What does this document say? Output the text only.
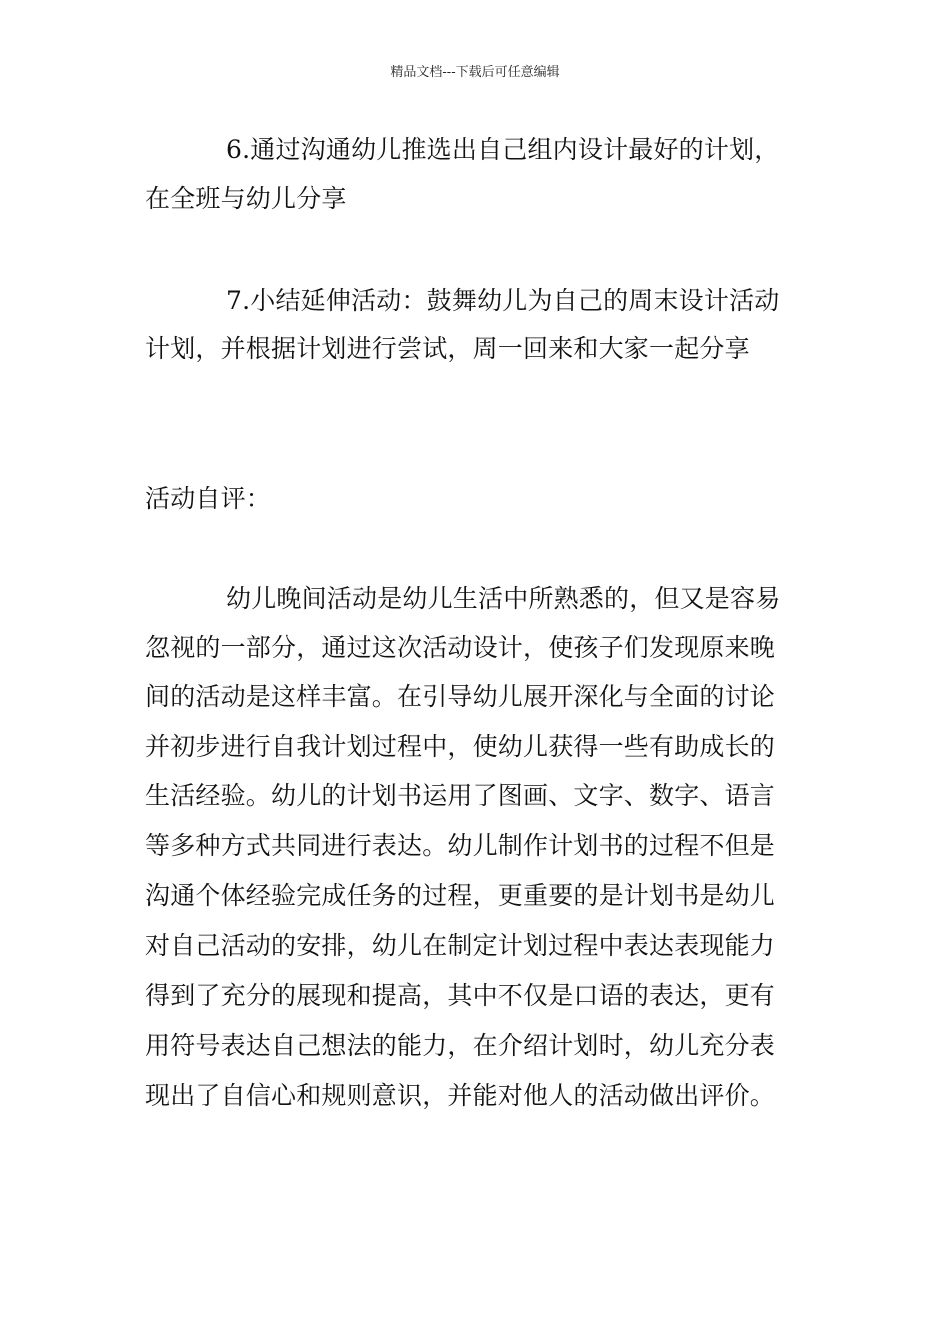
精品文档---下载后可任意编辑
6.通过沟通幼儿推选出自己组内设计最好的计划，
在全班与幼儿分享
7.小结延伸活动：鼓舞幼儿为自己的周末设计活动
计划，并根据计划进行尝试，周一回来和大家一起分享
活动自评：
幼儿晚间活动是幼儿生活中所熟悉的，但又是容易
忽视的一部分，通过这次活动设计，使孩子们发现原来晚
间的活动是这样丰富。在引导幼儿展开深化与全面的讨论
并初步进行自我计划过程中，使幼儿获得一些有助成长的
生活经验。幼儿的计划书运用了图画、文字、数字、语言
等多种方式共同进行表达。幼儿制作计划书的过程不但是
沟通个体经验完成任务的过程，更重要的是计划书是幼儿
对自己活动的安排，幼儿在制定计划过程中表达表现能力
得到了充分的展现和提高，其中不仅是口语的表达，更有
用符号表达自己想法的能力，在介绍计划时，幼儿充分表
现出了自信心和规则意识，并能对他人的活动做出评价。
